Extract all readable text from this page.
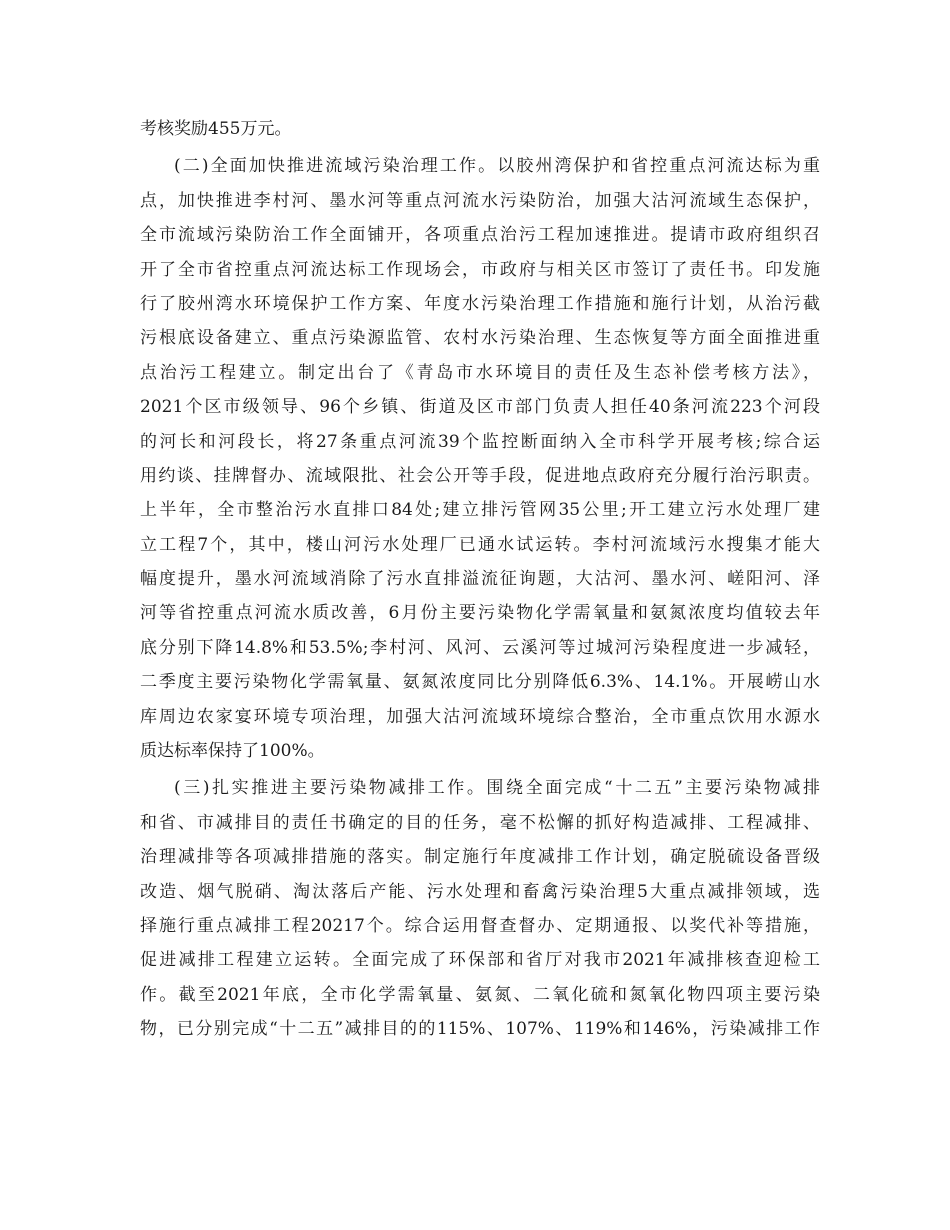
考核奖励455万元。
(二)全面加快推进流域污染治理工作。以胶州湾保护和省控重点河流达标为重
点，加快推进李村河、墨水河等重点河流水污染防治，加强大沽河流域生态保护，
全市流域污染防治工作全面铺开，各项重点治污工程加速推进。提请市政府组织召
开了全市省控重点河流达标工作现场会，市政府与相关区市签订了责任书。印发施
行了胶州湾水环境保护工作方案、年度水污染治理工作措施和施行计划，从治污截
污根底设备建立、重点污染源监管、农村水污染治理、生态恢复等方面全面推进重
点治污工程建立。制定出台了《青岛市水环境目的责任及生态补偿考核方法》，
2021个区市级领导、96个乡镇、街道及区市部门负责人担任40条河流223个河段
的河长和河段长，将27条重点河流39个监控断面纳入全市科学开展考核;综合运
用约谈、挂牌督办、流域限批、社会公开等手段，促进地点政府充分履行治污职责。
上半年，全市整治污水直排口84处;建立排污管网35公里;开工建立污水处理厂建
立工程7个，其中，楼山河污水处理厂已通水试运转。李村河流域污水搜集才能大
幅度提升，墨水河流域消除了污水直排溢流征询题，大沽河、墨水河、嵯阳河、泽
河等省控重点河流水质改善，6月份主要污染物化学需氧量和氨氮浓度均值较去年
底分别下降14.8%和53.5%;李村河、风河、云溪河等过城河污染程度进一步减轻，
二季度主要污染物化学需氧量、氨氮浓度同比分别降低6.3%、14.1%。开展崂山水
库周边农家宴环境专项治理，加强大沽河流域环境综合整治，全市重点饮用水源水
质达标率保持了100%。
(三)扎实推进主要污染物减排工作。围绕全面完成“十二五”主要污染物减排
和省、市减排目的责任书确定的目的任务，毫不松懈的抓好构造减排、工程减排、
治理减排等各项减排措施的落实。制定施行年度减排工作计划，确定脱硫设备晋级
改造、烟气脱硝、淘汰落后产能、污水处理和畜禽污染治理5大重点减排领域，选
择施行重点减排工程20217个。综合运用督查督办、定期通报、以奖代补等措施，
促进减排工程建立运转。全面完成了环保部和省厅对我市2021年减排核查迎检工
作。截至2021年底，全市化学需氧量、氨氮、二氧化硫和氮氧化物四项主要污染
物，已分别完成“十二五”减排目的的115%、107%、119%和146%，污染减排工作
